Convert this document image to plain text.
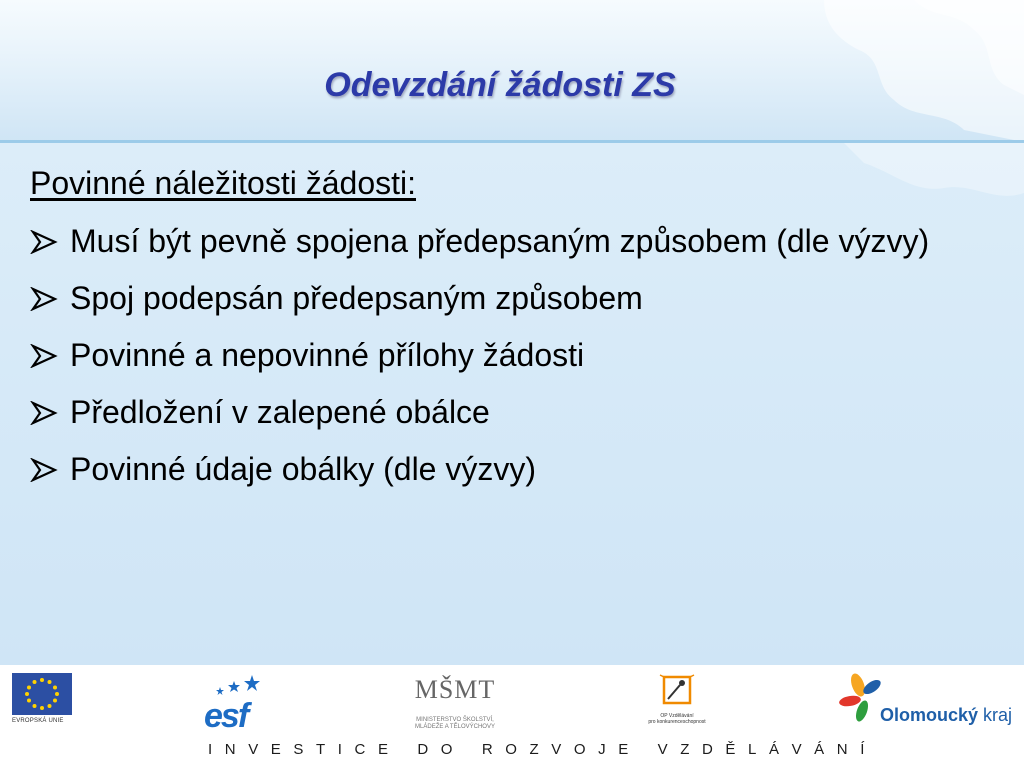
Odevzdání žádosti ZS
Povinné náležitosti žádosti:
Musí být pevně spojena předepsaným způsobem (dle výzvy)
Spoj podepsán předepsaným způsobem
Povinné a nepovinné přílohy žádosti
Předložení v zalepené obálce
Povinné údaje obálky (dle výzvy)
EVROPSKÁ UNIE	esf
MŠMT
MINISTERSTVO ŠKOLSTVÍ,
MLÁDEŽE A TĚLOVÝCHOVY
OP Vzdělávání
pro konkurenceschopnost	Olomoucký kraj
INVESTICE DO ROZVOJE VZDĚLÁVÁNÍ
